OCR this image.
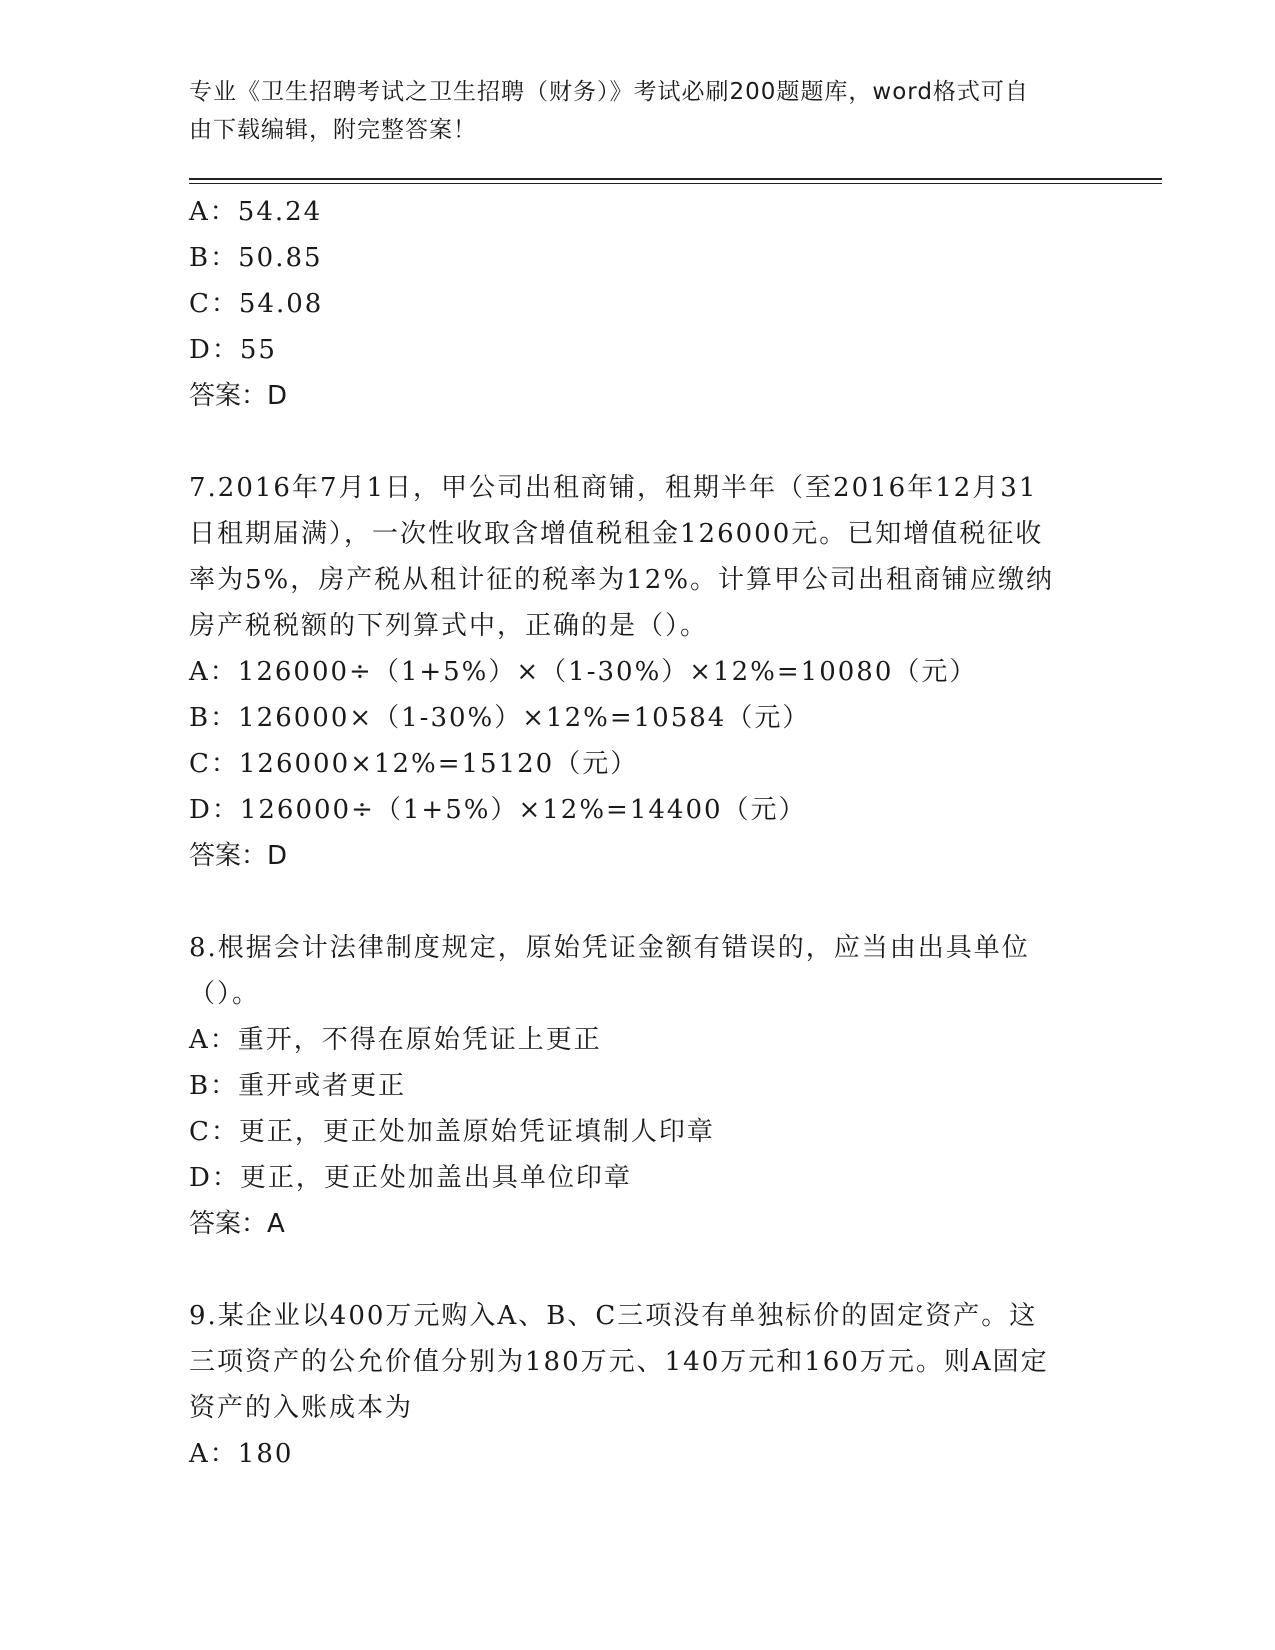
专业《卫生招聘考试之卫生招聘（财务）》考试必刷200题题库，word格式可自
由下载编辑，附完整答案！
A：54.24
B：50.85
C：54.08
D：55
答案：D
7.2016年7月1日，甲公司出租商铺，租期半年（至2016年12月31
日租期届满），一次性收取含增值税租金126000元。已知增值税征收
率为5%，房产税从租计征的税率为12%。计算甲公司出租商铺应缴纳
房产税税额的下列算式中，正确的是（）。
A：126000÷（1+5%）×（1-30%）×12%=10080（元）
B：126000×（1-30%）×12%=10584（元）
C：126000×12%=15120（元）
D：126000÷（1+5%）×12%=14400（元）
答案：D
8.根据会计法律制度规定，原始凭证金额有错误的，应当由出具单位
（）。
A：重开，不得在原始凭证上更正
B：重开或者更正
C：更正，更正处加盖原始凭证填制人印章
D：更正，更正处加盖出具单位印章
答案：A
9.某企业以400万元购入A、B、C三项没有单独标价的固定资产。这
三项资产的公允价值分别为180万元、140万元和160万元。则A固定
资产的入账成本为
A：180
